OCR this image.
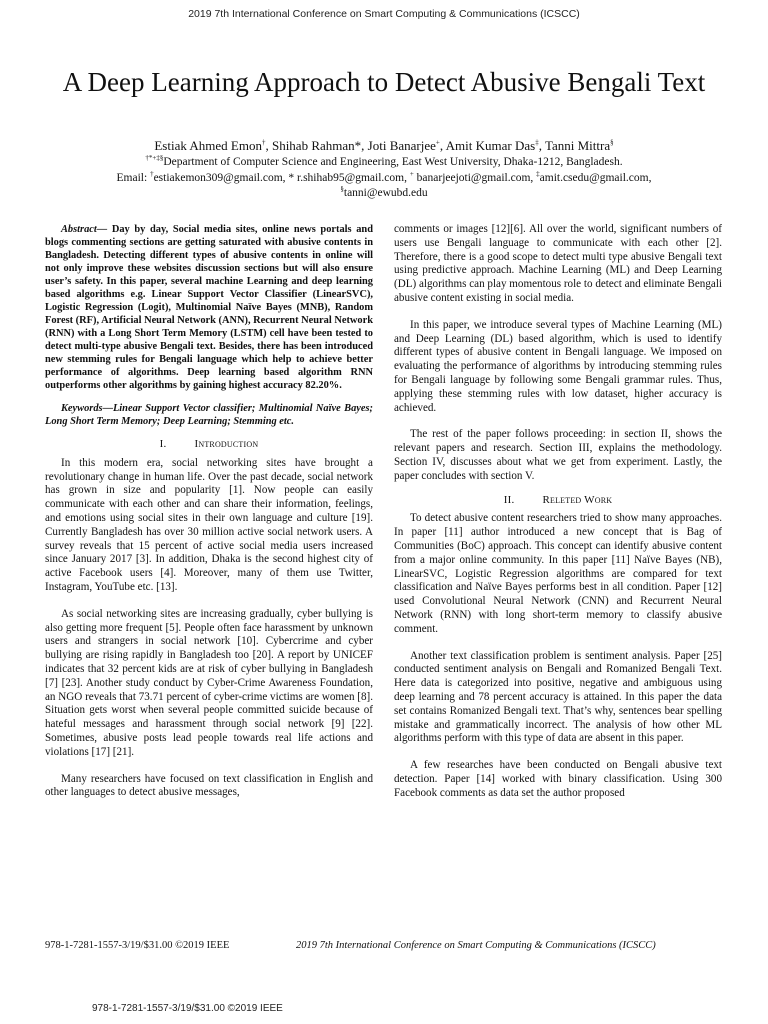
2019 7th International Conference on Smart Computing & Communications (ICSCC)
A Deep Learning Approach to Detect Abusive Bengali Text
Estiak Ahmed Emon†, Shihab Rahman*, Joti Banarjee+, Amit Kumar Das‡, Tanni Mittra§
†*+‡§Department of Computer Science and Engineering, East West University, Dhaka-1212, Bangladesh.
Email: †estiakemon309@gmail.com, * r.shihab95@gmail.com, + banarjeejoti@gmail.com, ‡amit.csedu@gmail.com,
§tanni@ewubd.edu

Abstract— Day by day, Social media sites, online news portals and blogs commenting sections are getting saturated with abusive contents in Bangladesh. Detecting different types of abusive contents in online will not only improve these websites discussion sections but will also ensure user’s safety. In this paper, several machine Learning and deep learning based algorithms e.g. Linear Support Vector Classifier (LinearSVC), Logistic Regression (Logit), Multinomial Naïve Bayes (MNB), Random Forest (RF), Artificial Neural Network (ANN), Recurrent Neural Network (RNN) with a Long Short Term Memory (LSTM) cell have been tested to detect multi-type abusive Bengali text. Besides, there has been introduced new stemming rules for Bengali language which help to achieve better performance of algorithms. Deep learning based algorithm RNN outperforms other algorithms by gaining highest accuracy 82.20%.

Keywords—Linear Support Vector classifier; Multinomial Naïve Bayes; Long Short Term Memory; Deep Learning; Stemming etc.

I.	Introduction

In this modern era, social networking sites have brought a revolutionary change in human life. Over the past decade, social network has grown in size and popularity [1]. Now people can easily communicate with each other and can share their information, feelings, and emotions using social sites in their own language and culture [19]. Currently Bangladesh has over 30 million active social network users. A survey reveals that 15 percent of active social media users increased since January 2017 [3]. In addition, Dhaka is the second highest city of active Facebook users [4]. Moreover, many of them use Twitter, Instagram, YouTube etc. [13].

As social networking sites are increasing gradually, cyber bullying is also getting more frequent [5]. People often face harassment by unknown users and strangers in social network [10]. Cybercrime and cyber bullying are rising rapidly in Bangladesh too [20]. A report by UNICEF indicates that 32 percent kids are at risk of cyber bullying in Bangladesh [7] [23]. Another study conduct by Cyber-Crime Awareness Foundation, an NGO reveals that 73.71 percent of cyber-crime victims are women [8]. Situation gets worst when several people committed suicide because of hateful messages and harassment through social network [9] [22]. Sometimes, abusive posts lead people towards real life actions and violations [17] [21].

Many researchers have focused on text classification in English and other languages to detect abusive messages,

comments or images [12][6]. All over the world, significant numbers of users use Bengali language to communicate with each other [2]. Therefore, there is a good scope to detect multi type abusive Bengali text using predictive approach. Machine Learning (ML) and Deep Learning (DL) algorithms can play momentous role to detect and eliminate Bengali abusive content existing in social media.

In this paper, we introduce several types of Machine Learning (ML) and Deep Learning (DL) based algorithm, which is used to identify different types of abusive content in Bengali language. We imposed on evaluating the performance of algorithms by introducing stemming rules for Bengali language by following some Bengali grammar rules. Thus, applying these stemming rules with low dataset, higher accuracy is achieved.

The rest of the paper follows proceeding: in section II, shows the relevant papers and research. Section III, explains the methodology. Section IV, discusses about what we get from experiment. Lastly, the paper concludes with section V.

II.	Releted Work

To detect abusive content researchers tried to show many approaches. In paper [11] author introduced a new concept that is Bag of Communities (BoC) approach. This concept can identify abusive content from a major online community. In this paper [11] Naïve Bayes (NB), LinearSVC, Logistic Regression algorithms are compared for text classification and Naïve Bayes performs best in all condition. Paper [12] used Convolutional Neural Network (CNN) and Recurrent Neural Network (RNN) with long short-term memory to classify abusive comment.

Another text classification problem is sentiment analysis. Paper [25] conducted sentiment analysis on Bengali and Romanized Bengali Text. Here data is categorized into positive, negative and ambiguous using deep learning and 78 percent accuracy is attained. In this paper the data set contains Romanized Bengali text. That’s why, sentences bear spelling mistake and grammatically incorrect. The analysis of how other ML algorithms perform with this type of data are absent in this paper.

A few researches have been conducted on Bengali abusive text detection. Paper [14] worked with binary classification. Using 300 Facebook comments as data set the author proposed

978-1-7281-1557-3/19/$31.00 ©2019 IEEE	2019 7th International Conference on Smart Computing & Communications (ICSCC)
978-1-7281-1557-3/19/$31.00 ©2019 IEEE
